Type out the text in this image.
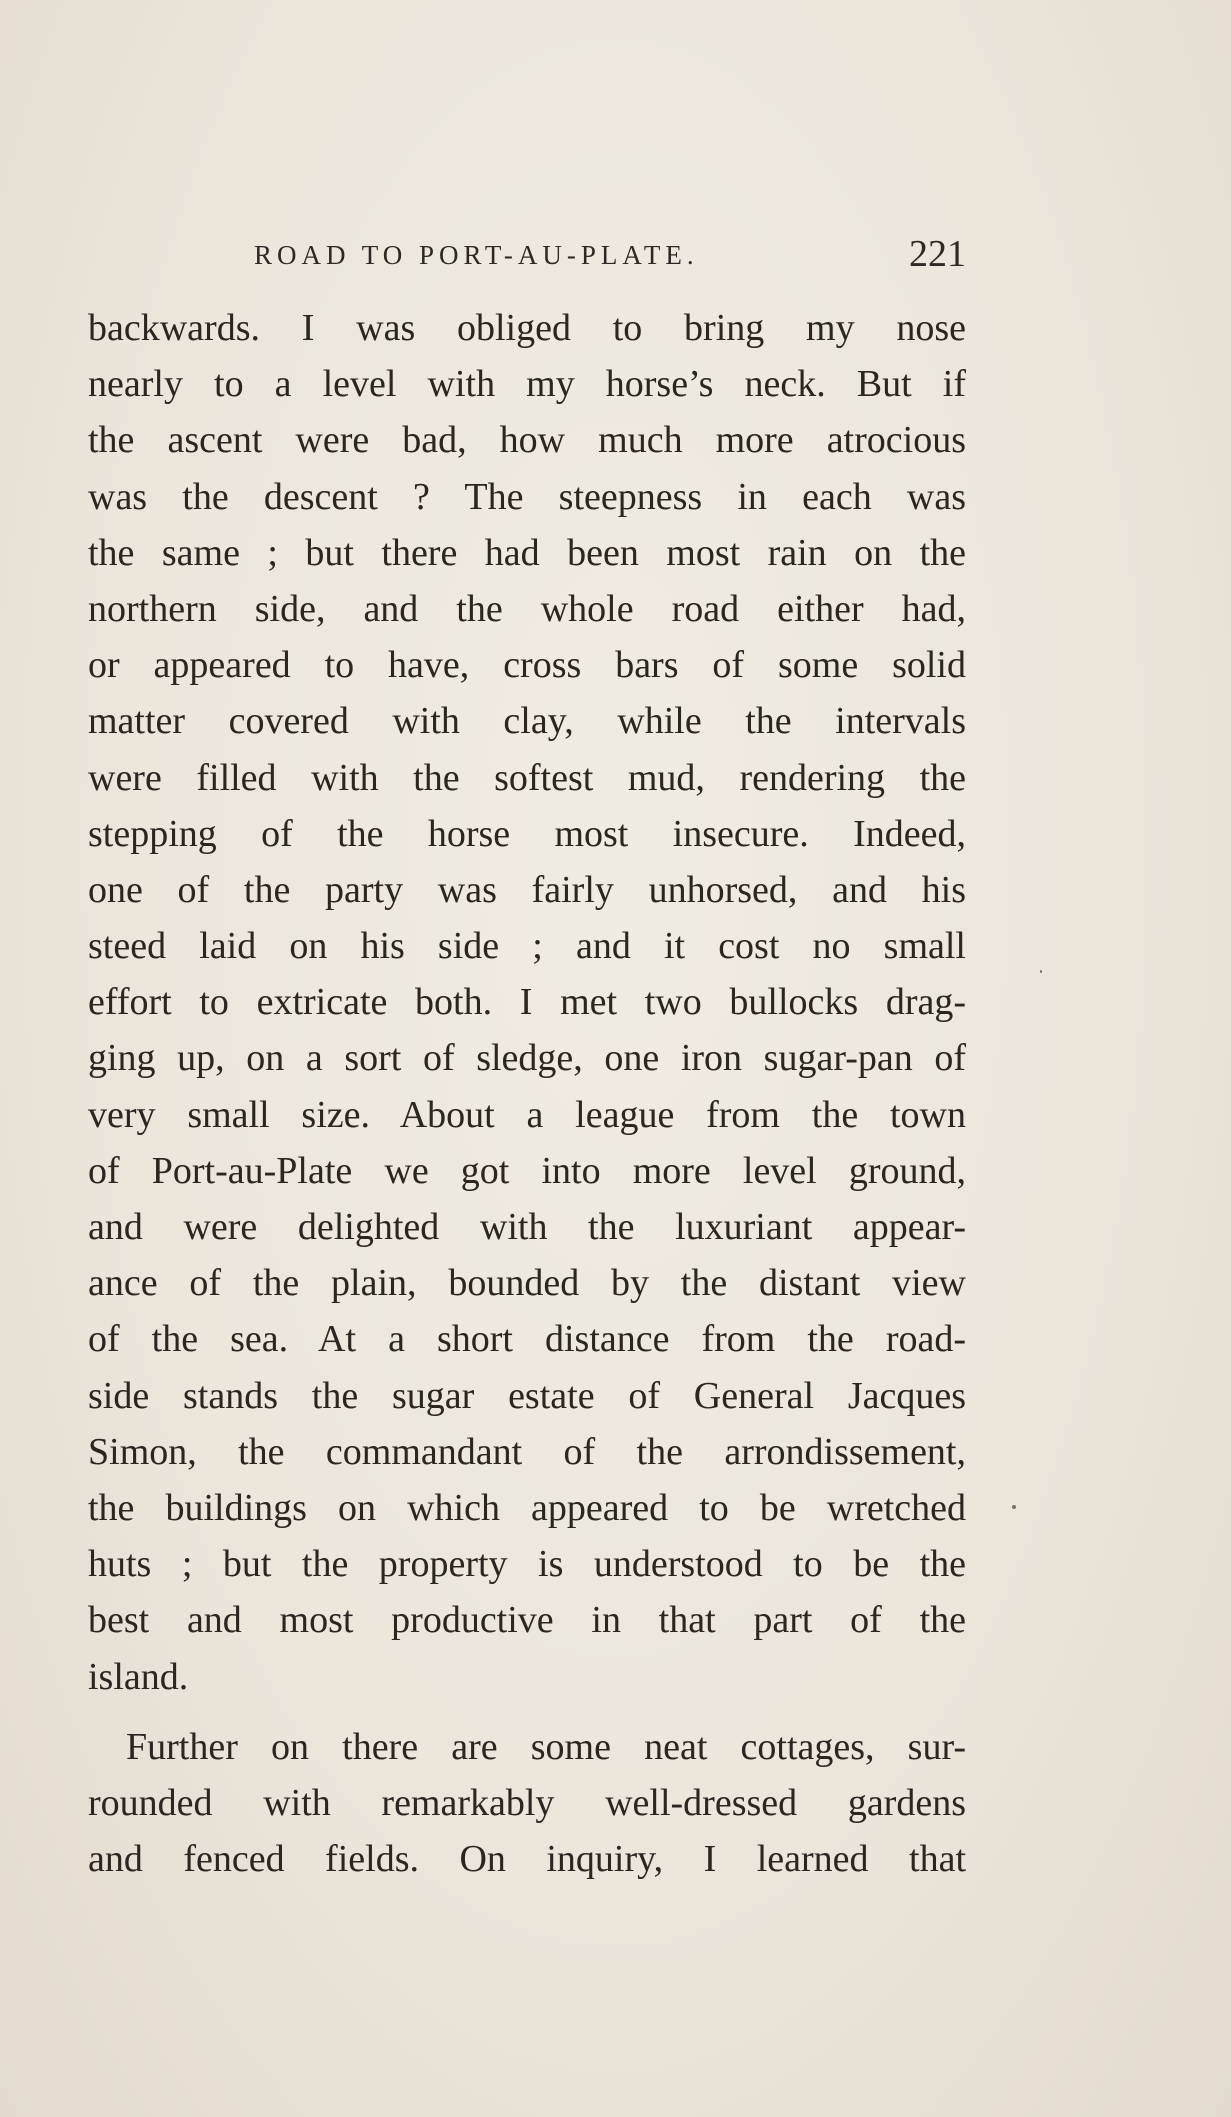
ROAD TO PORT-AU-PLATE.	221
backwards. I was obliged to bring my nose
nearly to a level with my horse’s neck. But if
the ascent were bad, how much more atrocious
was the descent ? The steepness in each was
the same ; but there had been most rain on the
northern side, and the whole road either had,
or appeared to have, cross bars of some solid
matter covered with clay, while the intervals
were filled with the softest mud, rendering the
stepping of the horse most insecure. Indeed,
one of the party was fairly unhorsed, and his
steed laid on his side ; and it cost no small
effort to extricate both. I met two bullocks drag-
ging up, on a sort of sledge, one iron sugar-pan of
very small size. About a league from the town
of Port-au-Plate we got into more level ground,
and were delighted with the luxuriant appear-
ance of the plain, bounded by the distant view
of the sea. At a short distance from the road-
side stands the sugar estate of General Jacques
Simon, the commandant of the arrondissement,
the buildings on which appeared to be wretched
huts ; but the property is understood to be the
best and most productive in that part of the
island.
Further on there are some neat cottages, sur-
rounded with remarkably well-dressed gardens
and fenced fields. On inquiry, I learned that
